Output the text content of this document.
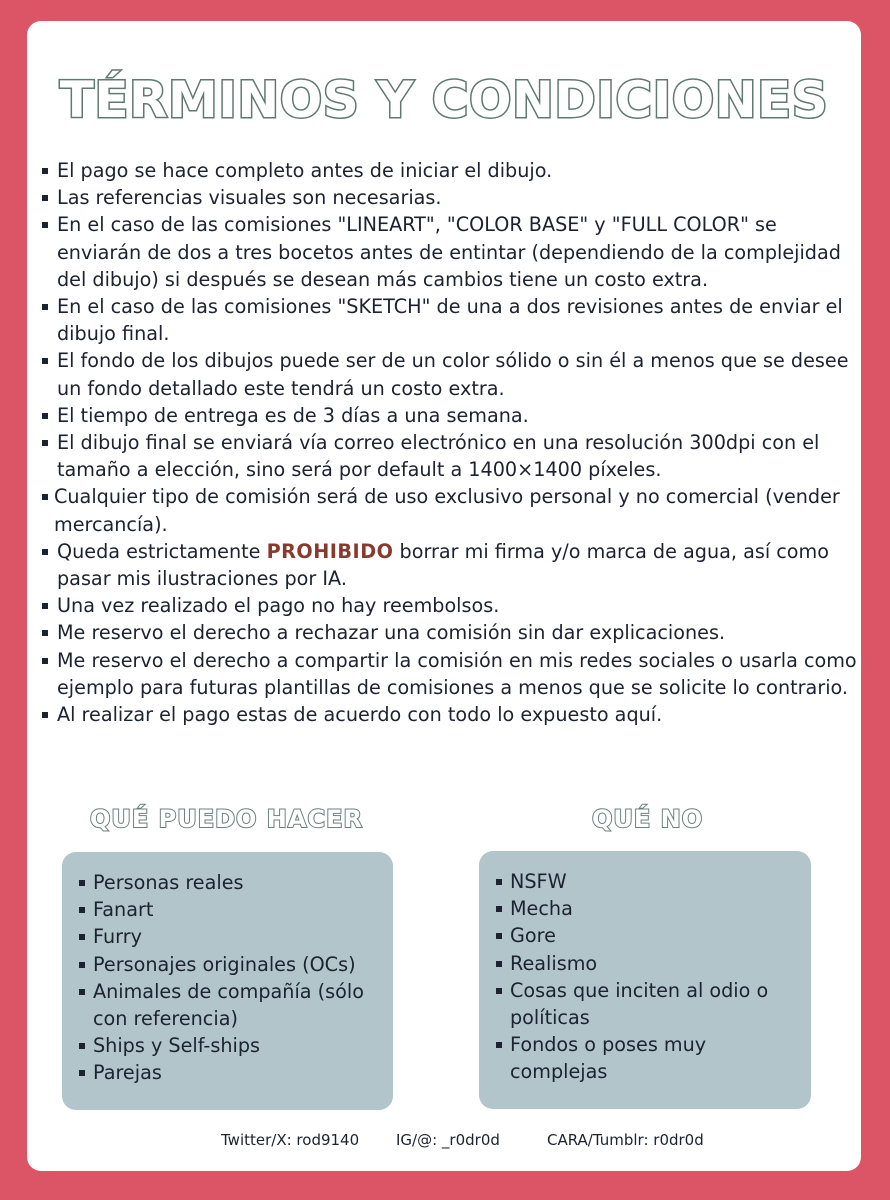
TÉRMINOS Y CONDICIONES
El pago se hace completo antes de iniciar el dibujo.
Las referencias visuales son necesarias.
En el caso de las comisiones "LINEART", "COLOR BASE" y "FULL COLOR" se enviarán de dos a tres bocetos antes de entintar (dependiendo de la complejidad del dibujo) si después se desean más cambios tiene un costo extra.
En el caso de las comisiones "SKETCH" de una a dos revisiones antes de enviar el dibujo final.
El fondo de los dibujos puede ser de un color sólido o sin él a menos que se desee un fondo detallado este tendrá un costo extra.
El tiempo de entrega es de 3 días a una semana.
El dibujo final se enviará vía correo electrónico en una resolución 300dpi con el tamaño a elección, sino será por default a 1400×1400 píxeles.
Cualquier tipo de comisión será de uso exclusivo personal y no comercial (vender mercancía).
Queda estrictamente PROHIBIDO borrar mi firma y/o marca de agua, así como pasar mis ilustraciones por IA.
Una vez realizado el pago no hay reembolsos.
Me reservo el derecho a rechazar una comisión sin dar explicaciones.
Me reservo el derecho a compartir la comisión en mis redes sociales o usarla como ejemplo para futuras plantillas de comisiones a menos que se solicite lo contrario.
Al realizar el pago estas de acuerdo con todo lo expuesto aquí.
QUÉ PUEDO HACER	QUÉ NO
Personas reales
Fanart
Furry
Personajes originales (OCs)
Animales de compañía (sólo con referencia)
Ships y Self-ships
Parejas
NSFW
Mecha
Gore
Realismo
Cosas que inciten al odio o políticas
Fondos o poses muy complejas
Twitter/X: rod9140 IG/@: _r0dr0d	CARA/Tumblr: r0dr0d
